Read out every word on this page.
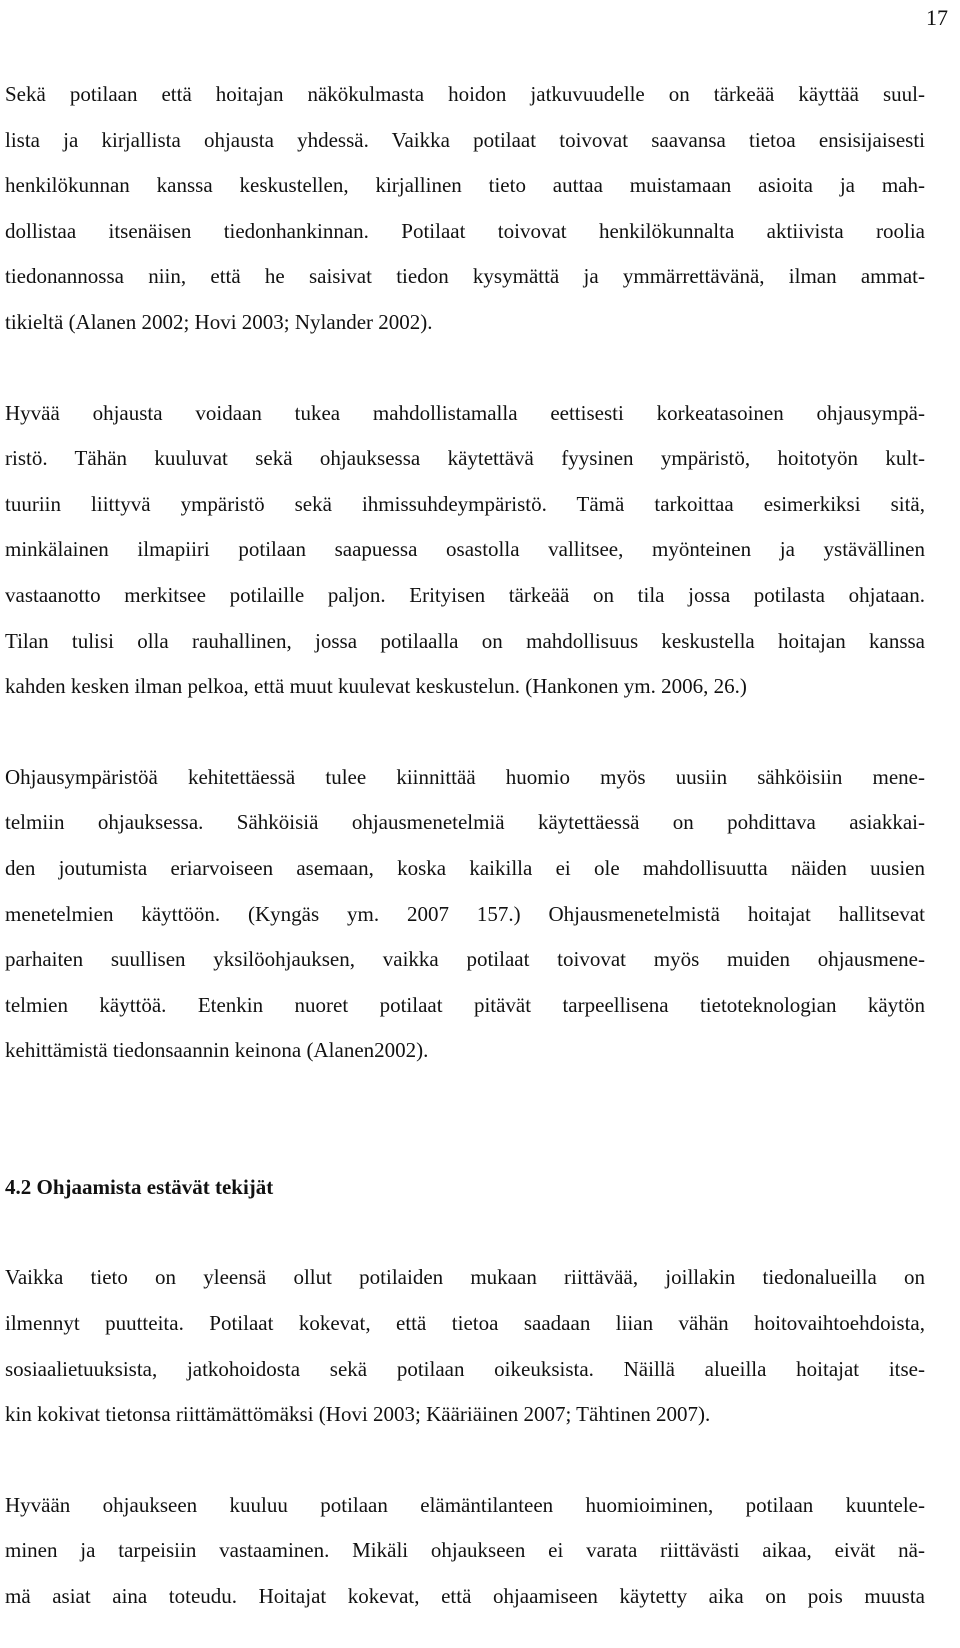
17

Sekä potilaan että hoitajan näkökulmasta hoidon jatkuvuudelle on tärkeää käyttää suul-
lista ja kirjallista ohjausta yhdessä. Vaikka potilaat toivovat saavansa tietoa ensisijaisesti
henkilökunnan kanssa keskustellen, kirjallinen tieto auttaa muistamaan asioita ja mah-
dollistaa itsenäisen tiedonhankinnan. Potilaat toivovat henkilökunnalta aktiivista roolia
tiedonannossa niin, että he saisivat tiedon kysymättä ja ymmärrettävänä, ilman ammat-
tikieltä (Alanen 2002; Hovi 2003; Nylander 2002).

Hyvää ohjausta voidaan tukea mahdollistamalla eettisesti korkeatasoinen ohjausympä-
ristö. Tähän kuuluvat sekä ohjauksessa käytettävä fyysinen ympäristö, hoitotyön kult-
tuuriin liittyvä ympäristö sekä ihmissuhdeympäristö. Tämä tarkoittaa esimerkiksi sitä,
minkälainen ilmapiiri potilaan saapuessa osastolla vallitsee, myönteinen ja ystävällinen
vastaanotto merkitsee potilaille paljon. Erityisen tärkeää on tila jossa potilasta ohjataan.
Tilan tulisi olla rauhallinen, jossa potilaalla on mahdollisuus keskustella hoitajan kanssa
kahden kesken ilman pelkoa, että muut kuulevat keskustelun. (Hankonen ym. 2006, 26.)

Ohjausympäristöä kehitettäessä tulee kiinnittää huomio myös uusiin sähköisiin mene-
telmiin ohjauksessa. Sähköisiä ohjausmenetelmiä käytettäessä on pohdittava asiakkai-
den joutumista eriarvoiseen asemaan, koska kaikilla ei ole mahdollisuutta näiden uusien
menetelmien käyttöön. (Kyngäs ym. 2007 157.) Ohjausmenetelmistä hoitajat hallitsevat
parhaiten suullisen yksilöohjauksen, vaikka potilaat toivovat myös muiden ohjausmene-
telmien käyttöä. Etenkin nuoret potilaat pitävät tarpeellisena tietoteknologian käytön
kehittämistä tiedonsaannin keinona (Alanen2002).

4.2 Ohjaamista estävät tekijät

Vaikka tieto on yleensä ollut potilaiden mukaan riittävää, joillakin tiedonalueilla on
ilmennyt puutteita. Potilaat kokevat, että tietoa saadaan liian vähän hoitovaihtoehdoista,
sosiaalietuuksista, jatkohoidosta sekä potilaan oikeuksista. Näillä alueilla hoitajat itse-
kin kokivat tietonsa riittämättömäksi (Hovi 2003; Kääriäinen 2007; Tähtinen 2007).

Hyvään ohjaukseen kuuluu potilaan elämäntilanteen huomioiminen, potilaan kuuntele-
minen ja tarpeisiin vastaaminen. Mikäli ohjaukseen ei varata riittävästi aikaa, eivät nä-
mä asiat aina toteudu. Hoitajat kokevat, että ohjaamiseen käytetty aika on pois muusta
